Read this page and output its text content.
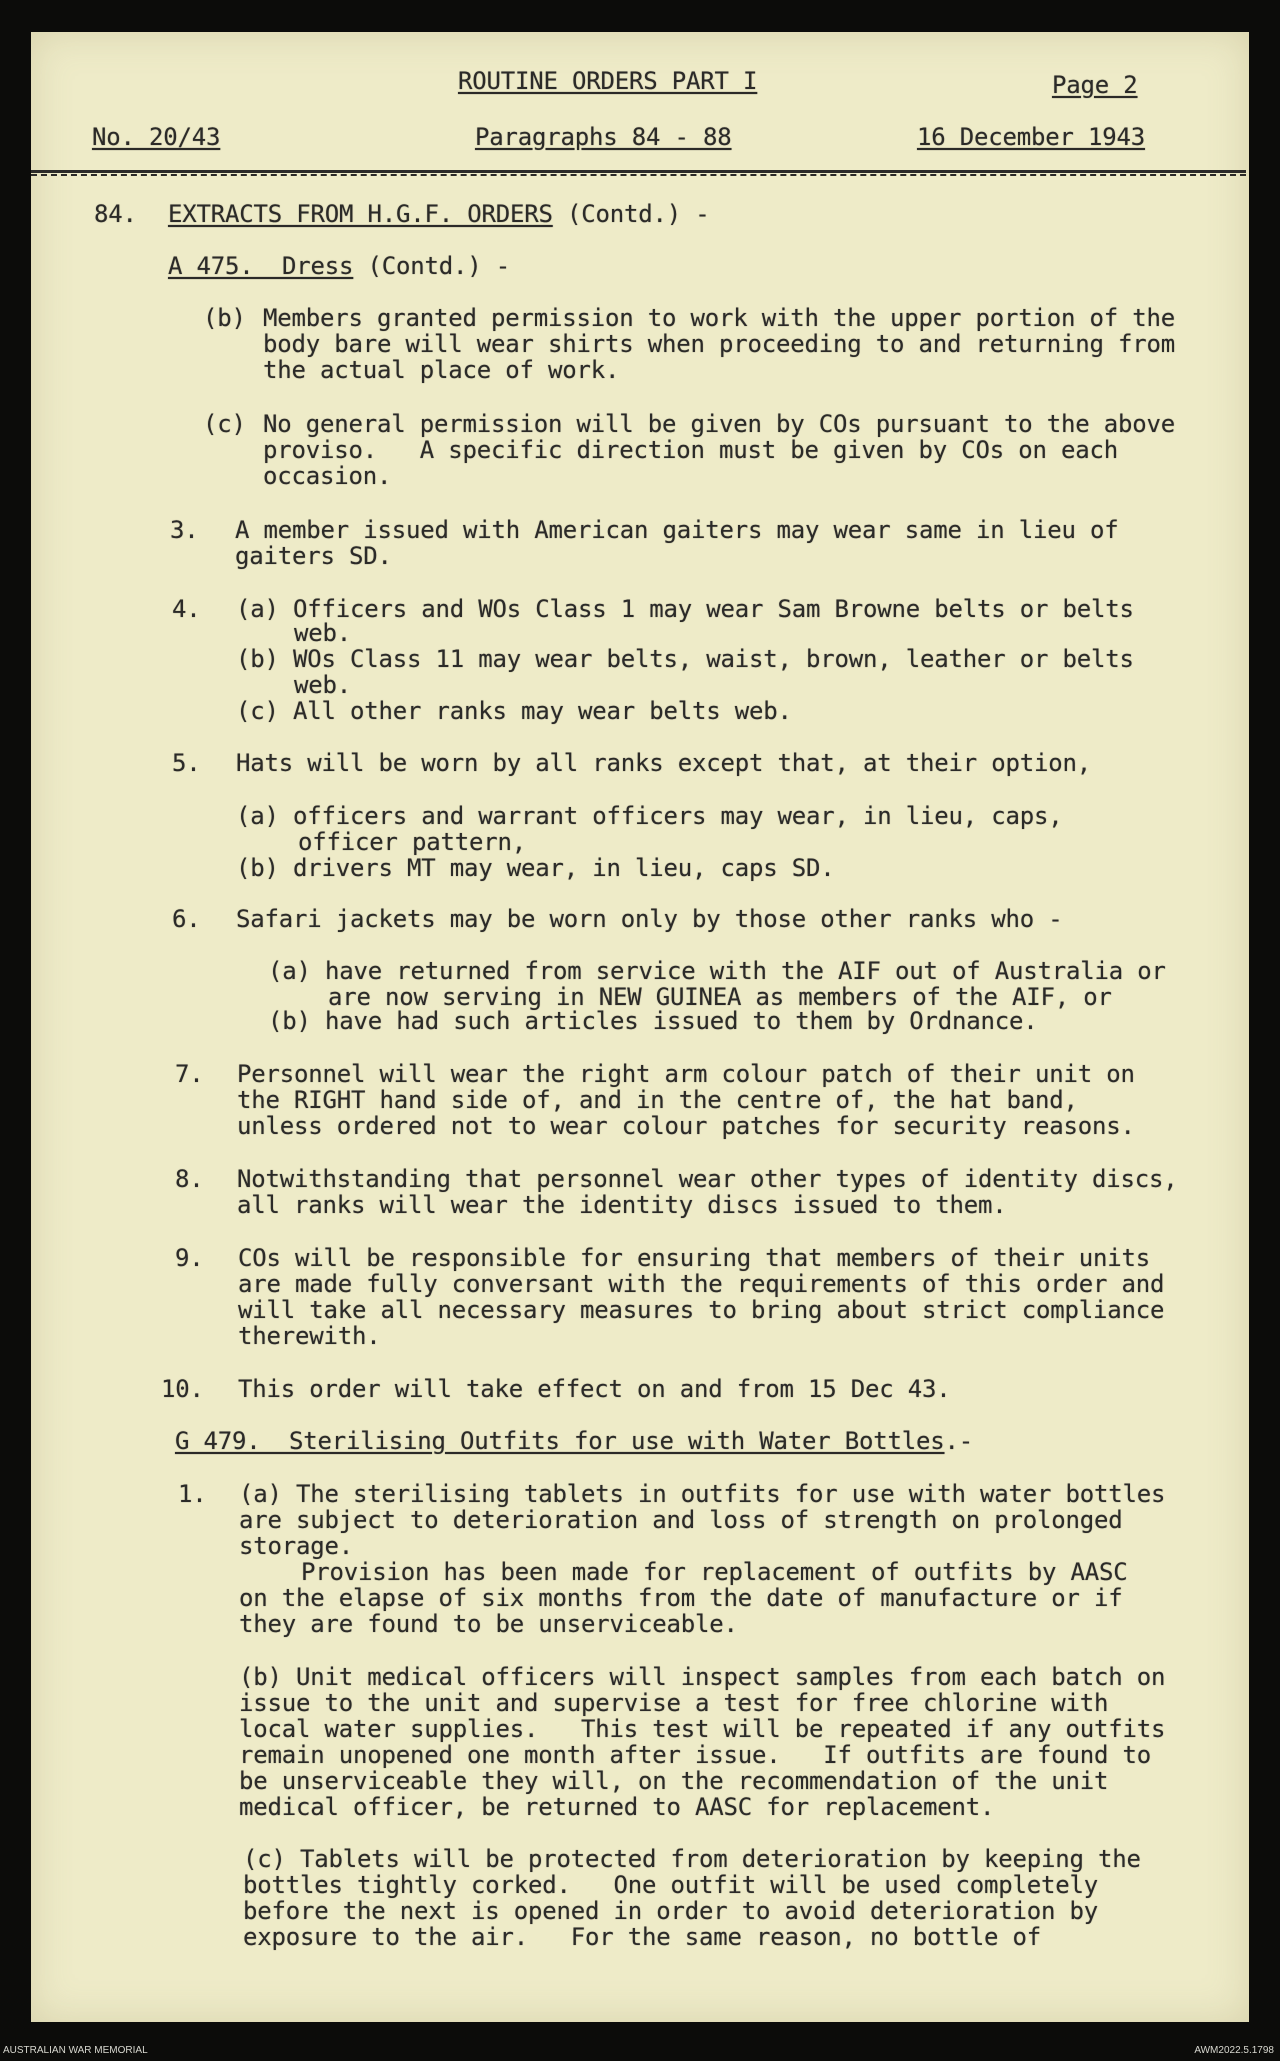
ROUTINE ORDERS PART I	Page 2
No. 20/43	Paragraphs 84 - 88	16 December 1943
84. EXTRACTS FROM H.G.F. ORDERS (Contd.) -
A 475.  Dress (Contd.) -
(b) Members granted permission to work with the upper portion of the
body bare will wear shirts when proceeding to and returning from
the actual place of work.
(c) No general permission will be given by COs pursuant to the above
proviso.   A specific direction must be given by COs on each
occasion.
3. A member issued with American gaiters may wear same in lieu of
gaiters SD.
4. (a) Officers and WOs Class 1 may wear Sam Browne belts or belts
web.
(b) WOs Class 11 may wear belts, waist, brown, leather or belts
web.
(c) All other ranks may wear belts web.
5. Hats will be worn by all ranks except that, at their option,
(a) officers and warrant officers may wear, in lieu, caps,
officer pattern,
(b) drivers MT may wear, in lieu, caps SD.
6. Safari jackets may be worn only by those other ranks who -
(a) have returned from service with the AIF out of Australia or
are now serving in NEW GUINEA as members of the AIF, or
(b) have had such articles issued to them by Ordnance.
7. Personnel will wear the right arm colour patch of their unit on
the RIGHT hand side of, and in the centre of, the hat band,
unless ordered not to wear colour patches for security reasons.
8. Notwithstanding that personnel wear other types of identity discs,
all ranks will wear the identity discs issued to them.
9. COs will be responsible for ensuring that members of their units
are made fully conversant with the requirements of this order and
will take all necessary measures to bring about strict compliance
therewith.
10. This order will take effect on and from 15 Dec 43.
G 479.  Sterilising Outfits for use with Water Bottles.-
1. (a) The sterilising tablets in outfits for use with water bottles
are subject to deterioration and loss of strength on prolonged
storage.
Provision has been made for replacement of outfits by AASC
on the elapse of six months from the date of manufacture or if
they are found to be unserviceable.
(b) Unit medical officers will inspect samples from each batch on
issue to the unit and supervise a test for free chlorine with
local water supplies.   This test will be repeated if any outfits
remain unopened one month after issue.   If outfits are found to
be unserviceable they will, on the recommendation of the unit
medical officer, be returned to AASC for replacement.
(c) Tablets will be protected from deterioration by keeping the
bottles tightly corked.   One outfit will be used completely
before the next is opened in order to avoid deterioration by
exposure to the air.   For the same reason, no bottle of
AUSTRALIAN WAR MEMORIAL	AWM2022.5.1798
